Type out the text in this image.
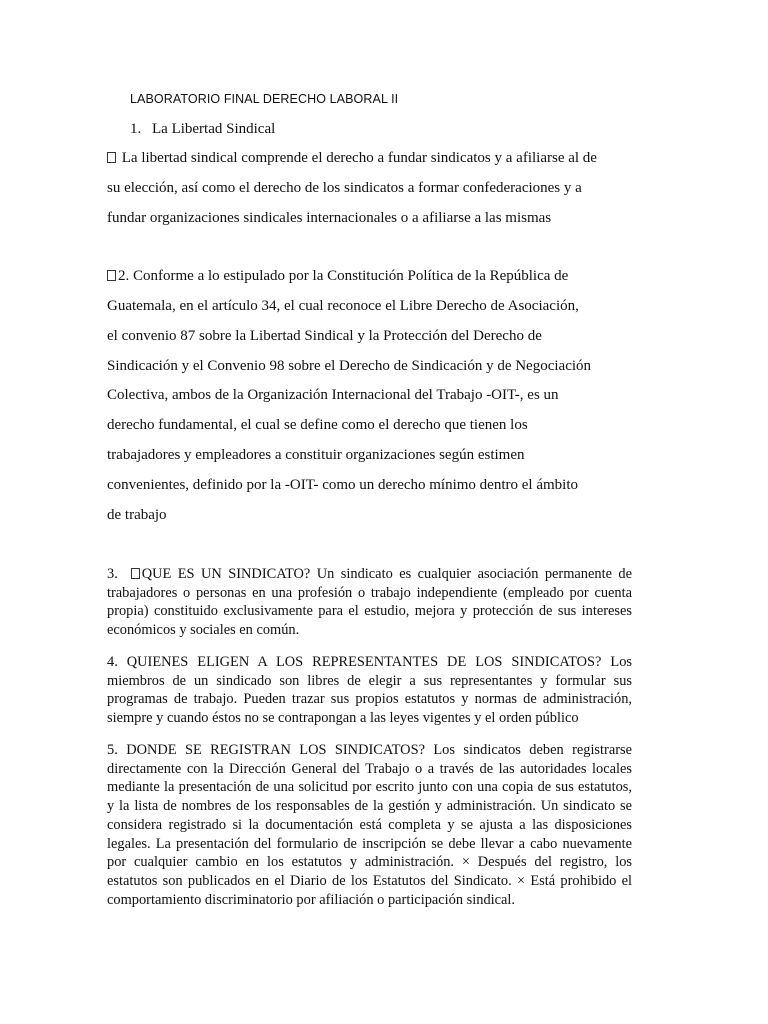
LABORATORIO FINAL DERECHO LABORAL II
1. La Libertad Sindical
La libertad sindical comprende el derecho a fundar sindicatos y a afiliarse al de
su elección, así como el derecho de los sindicatos a formar confederaciones y a
fundar organizaciones sindicales internacionales o a afiliarse a las mismas
2. Conforme a lo estipulado por la Constitución Política de la República de
Guatemala, en el artículo 34, el cual reconoce el Libre Derecho de Asociación,
el convenio 87 sobre la Libertad Sindical y la Protección del Derecho de
Sindicación y el Convenio 98 sobre el Derecho de Sindicación y de Negociación
Colectiva, ambos de la Organización Internacional del Trabajo -OIT-, es un
derecho fundamental, el cual se define como el derecho que tienen los
trabajadores y empleadores a constituir organizaciones según estimen
convenientes, definido por la -OIT- como un derecho mínimo dentro el ámbito
de trabajo
3. QUE ES UN SINDICATO? Un sindicato es cualquier asociación permanente de trabajadores o personas en una profesión o trabajo independiente (empleado por cuenta propia) constituido exclusivamente para el estudio, mejora y protección de sus intereses económicos y sociales en común.
4. QUIENES ELIGEN A LOS REPRESENTANTES DE LOS SINDICATOS? Los miembros de un sindicado son libres de elegir a sus representantes y formular sus programas de trabajo. Pueden trazar sus propios estatutos y normas de administración, siempre y cuando éstos no se contrapongan a las leyes vigentes y el orden público
5. DONDE SE REGISTRAN LOS SINDICATOS? Los sindicatos deben registrarse directamente con la Dirección General del Trabajo o a través de las autoridades locales mediante la presentación de una solicitud por escrito junto con una copia de sus estatutos, y la lista de nombres de los responsables de la gestión y administración. Un sindicato se considera registrado si la documentación está completa y se ajusta a las disposiciones legales. La presentación del formulario de inscripción se debe llevar a cabo nuevamente por cualquier cambio en los estatutos y administración. × Después del registro, los estatutos son publicados en el Diario de los Estatutos del Sindicato. × Está prohibido el comportamiento discriminatorio por afiliación o participación sindical.
